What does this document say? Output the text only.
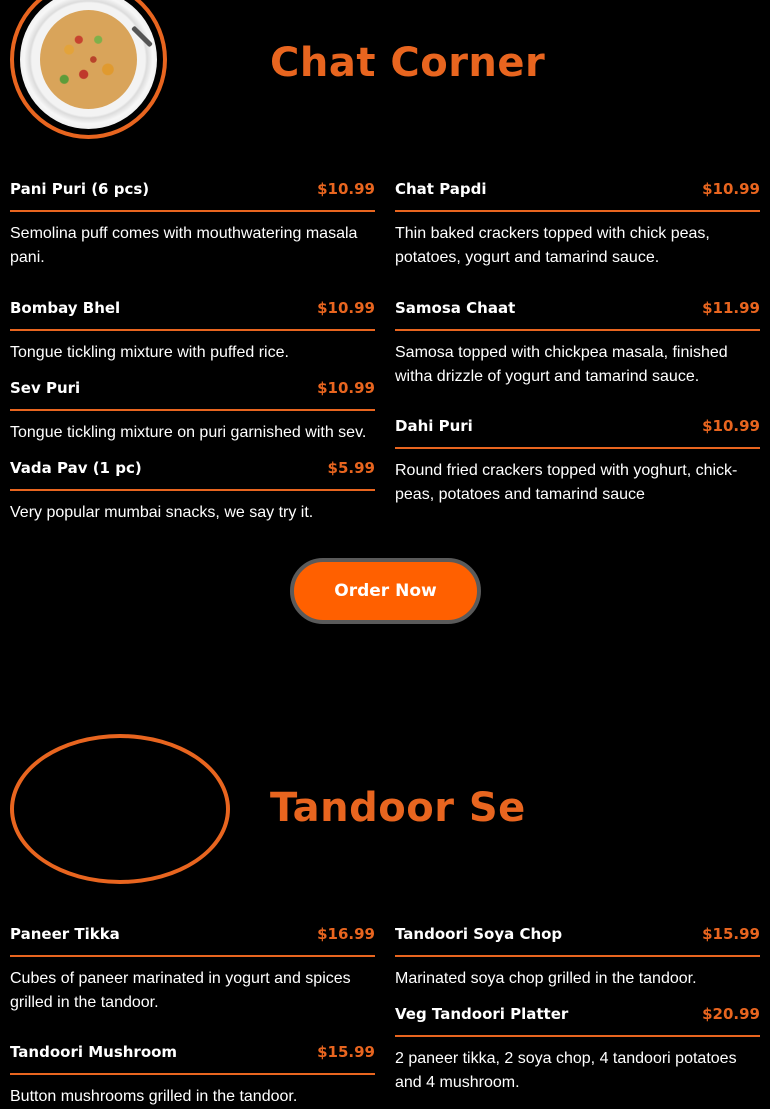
Chat Corner
Pani Puri (6 pcs)	$10.99
Semolina puff comes with mouthwatering masala pani.
Chat Papdi	$10.99
Thin baked crackers topped with chick peas, potatoes, yogurt and tamarind sauce.
Bombay Bhel	$10.99
Tongue tickling mixture with puffed rice.
Samosa Chaat	$11.99
Samosa topped with chickpea masala, finished witha drizzle of yogurt and tamarind sauce.
Sev Puri	$10.99
Tongue tickling mixture on puri garnished with sev.	Dahi Puri	$10.99
Round fried crackers topped with yoghurt, chick-peas, potatoes and tamarind sauce
Vada Pav (1 pc)	$5.99
Very popular mumbai snacks, we say try it.
Order Now
Tandoor Se
Paneer Tikka	$16.99
Cubes of paneer marinated in yogurt and spices grilled in the tandoor.
Tandoori Soya Chop	$15.99
Marinated soya chop grilled in the tandoor.
Veg Tandoori Platter	$20.99
2 paneer tikka, 2 soya chop, 4 tandoori potatoes and 4 mushroom.
Tandoori Mushroom	$15.99
Button mushrooms grilled in the tandoor.
